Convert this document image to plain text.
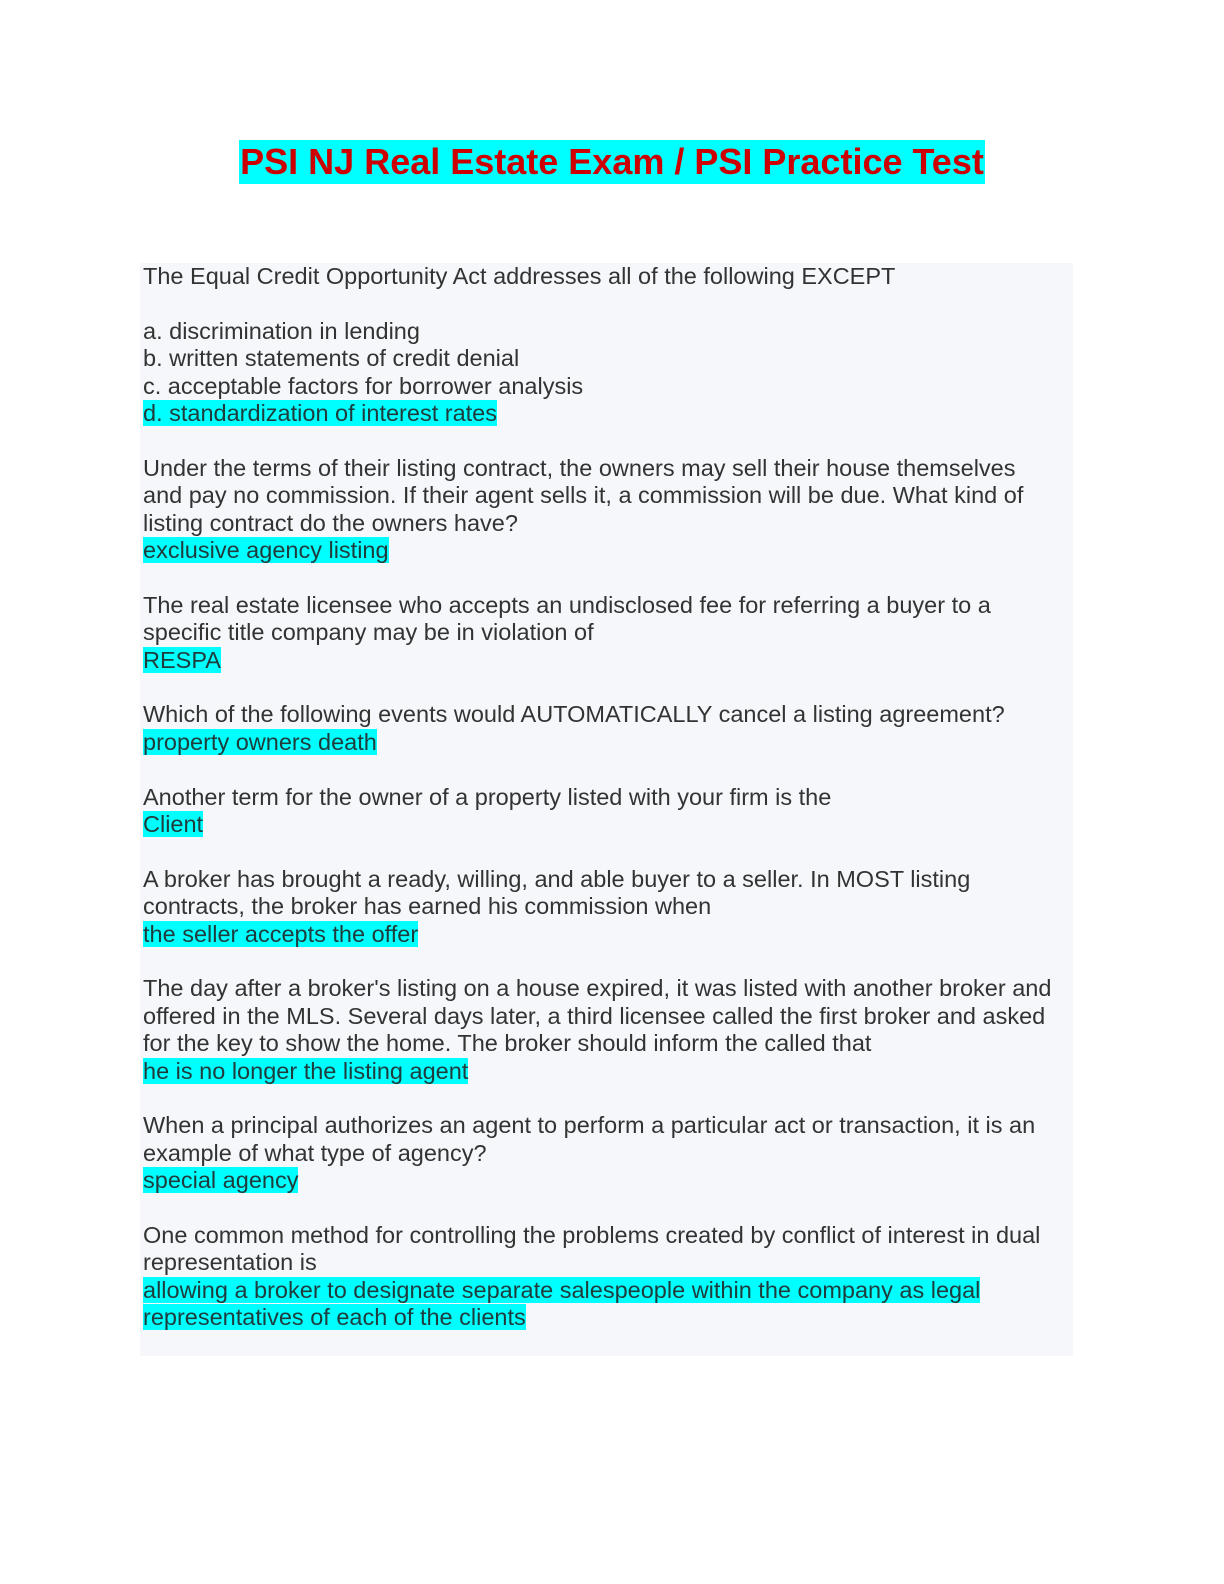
PSI NJ Real Estate Exam / PSI Practice Test

The Equal Credit Opportunity Act addresses all of the following EXCEPT

a. discrimination in lending
b. written statements of credit denial
c. acceptable factors for borrower analysis
d. standardization of interest rates

Under the terms of their listing contract, the owners may sell their house themselves
and pay no commission. If their agent sells it, a commission will be due. What kind of
listing contract do the owners have?

exclusive agency listing

The real estate licensee who accepts an undisclosed fee for referring a buyer to a
specific title company may be in violation of

RESPA

Which of the following events would AUTOMATICALLY cancel a listing agreement?

property owners death

Another term for the owner of a property listed with your firm is the

Client

A broker has brought a ready, willing, and able buyer to a seller. In MOST listing
contracts, the broker has earned his commission when

the seller accepts the offer

The day after a broker's listing on a house expired, it was listed with another broker and
offered in the MLS. Several days later, a third licensee called the first broker and asked
for the key to show the home. The broker should inform the called that

he is no longer the listing agent

When a principal authorizes an agent to perform a particular act or transaction, it is an
example of what type of agency?

special agency

One common method for controlling the problems created by conflict of interest in dual
representation is

allowing a broker to designate separate salespeople within the company as legal

representatives of each of the clients
